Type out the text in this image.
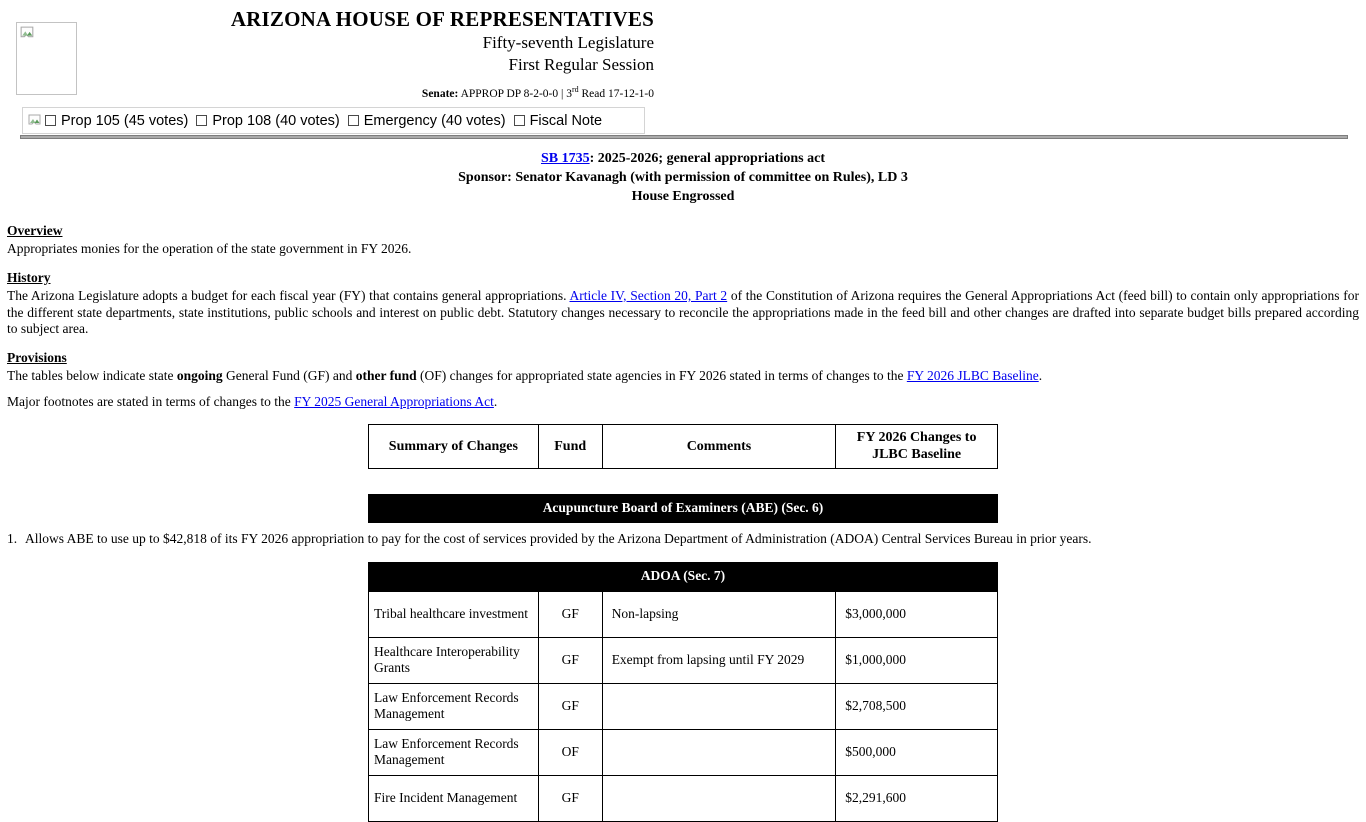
ARIZONA HOUSE OF REPRESENTATIVES
Fifty-seventh Legislature
First Regular Session
Senate: APPROP DP 8-2-0-0 | 3rd Read 17-12-1-0
Prop 105 (45 votes) Prop 108 (40 votes) Emergency (40 votes) Fiscal Note
SB 1735: 2025-2026; general appropriations act
Sponsor: Senator Kavanagh (with permission of committee on Rules), LD 3
House Engrossed
Overview
Appropriates monies for the operation of the state government in FY 2026.
History
The Arizona Legislature adopts a budget for each fiscal year (FY) that contains general appropriations. Article IV, Section 20, Part 2 of the Constitution of Arizona requires the General Appropriations Act (feed bill) to contain only appropriations for the different state departments, state institutions, public schools and interest on public debt. Statutory changes necessary to reconcile the appropriations made in the feed bill and other changes are drafted into separate budget bills prepared according to subject area.
Provisions
The tables below indicate state ongoing General Fund (GF) and other fund (OF) changes for appropriated state agencies in FY 2026 stated in terms of changes to the FY 2026 JLBC Baseline.
Major footnotes are stated in terms of changes to the FY 2025 General Appropriations Act.
Summary of Changes	Fund	Comments	FY 2026 Changes to JLBC Baseline
Acupuncture Board of Examiners (ABE) (Sec. 6)
1. Allows ABE to use up to $42,818 of its FY 2026 appropriation to pay for the cost of services provided by the Arizona Department of Administration (ADOA) Central Services Bureau in prior years.
ADOA (Sec. 7)
Tribal healthcare investment	GF	Non-lapsing	$3,000,000
Healthcare Interoperability Grants	GF	Exempt from lapsing until FY 2029	$1,000,000
Law Enforcement Records Management	GF		$2,708,500
Law Enforcement Records Management	OF		$500,000
Fire Incident Management	GF		$2,291,600
